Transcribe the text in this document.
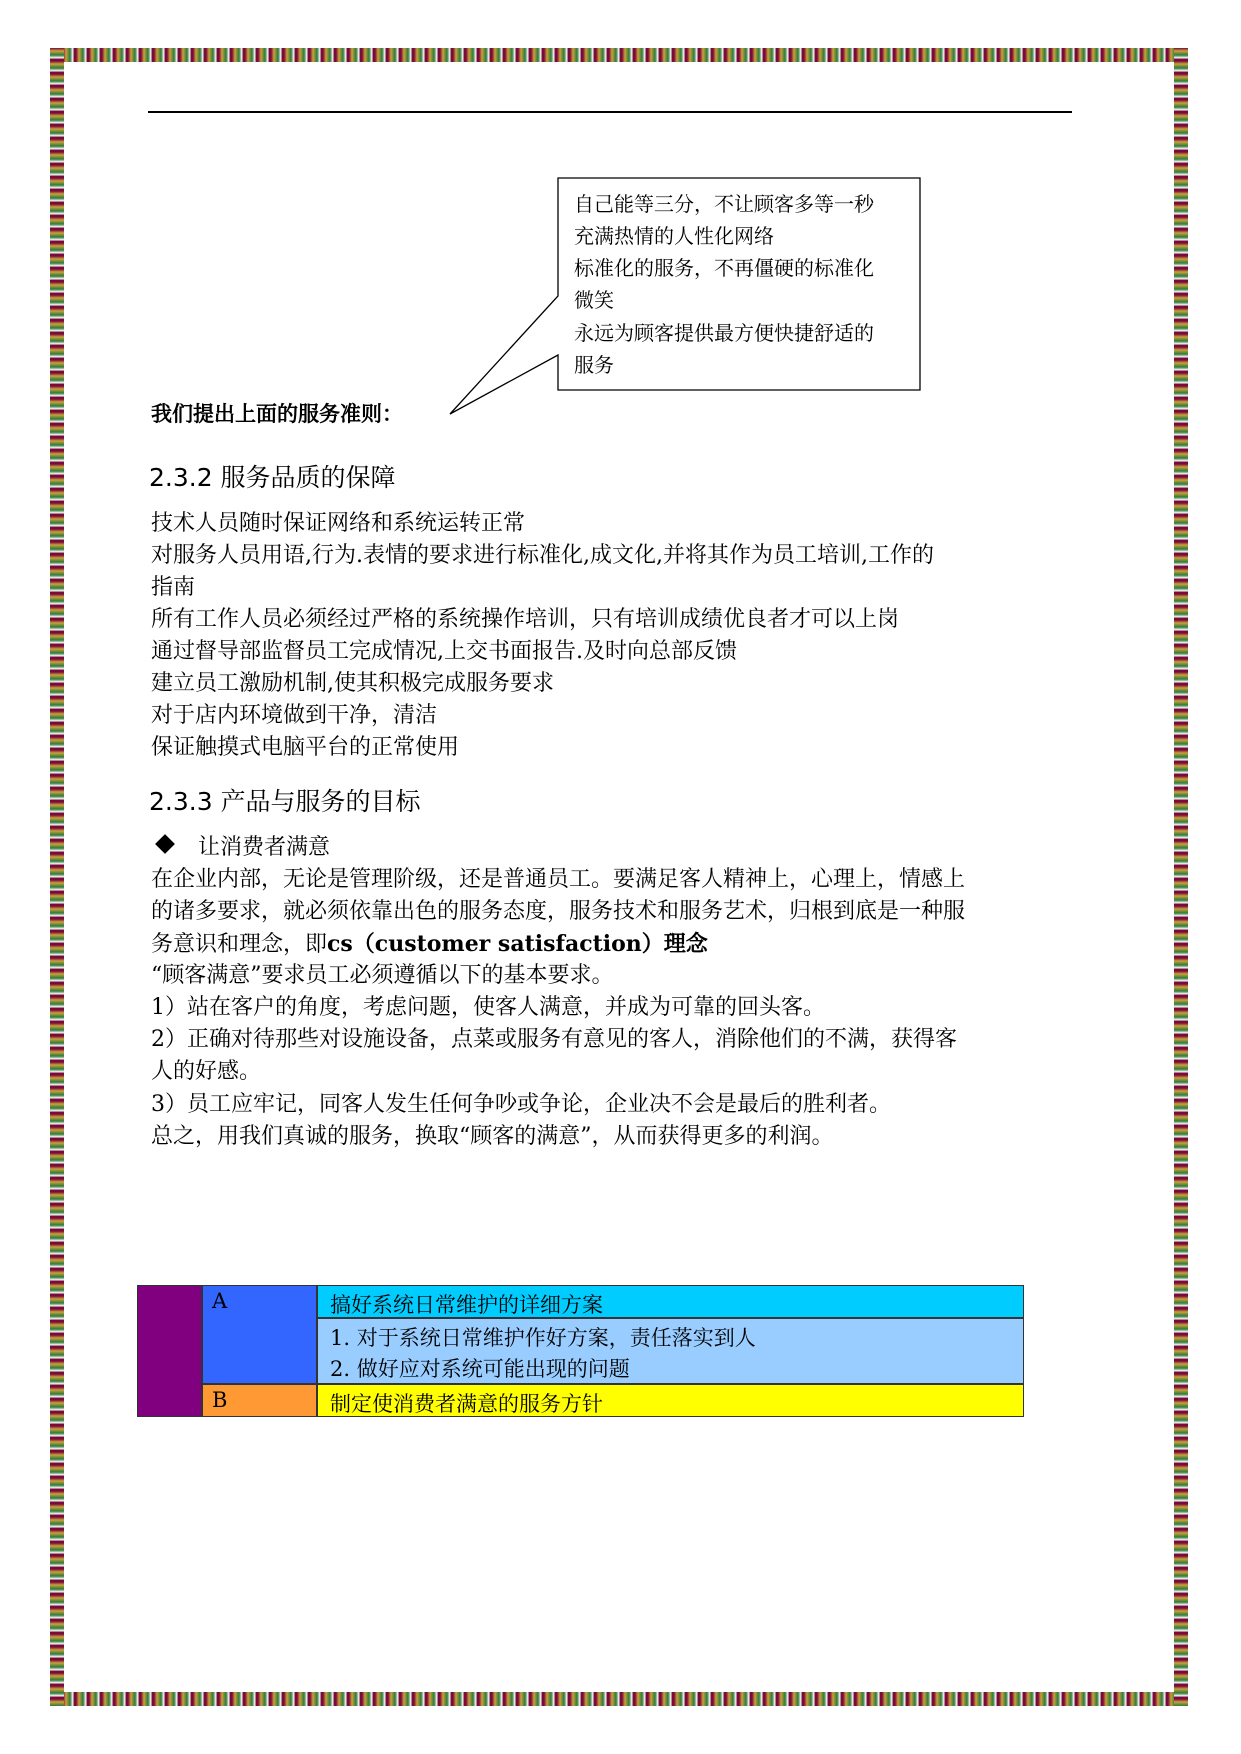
自己能等三分，不让顾客多等一秒
充满热情的人性化网络
标准化的服务，不再僵硬的标准化
微笑
永远为顾客提供最方便快捷舒适的
服务
我们提出上面的服务准则：
2.3.2 服务品质的保障
技术人员随时保证网络和系统运转正常
对服务人员用语,行为.表情的要求进行标准化,成文化,并将其作为员工培训,工作的
指南
所有工作人员必须经过严格的系统操作培训，只有培训成绩优良者才可以上岗
通过督导部监督员工完成情况,上交书面报告.及时向总部反馈
建立员工激励机制,使其积极完成服务要求
对于店内环境做到干净，清洁
保证触摸式电脑平台的正常使用
2.3.3 产品与服务的目标
让消费者满意
在企业内部，无论是管理阶级，还是普通员工。要满足客人精神上，心理上，情感上
的诸多要求，就必须依靠出色的服务态度，服务技术和服务艺术，归根到底是一种服
务意识和理念，即cs（customer satisfaction）理念
“顾客满意”要求员工必须遵循以下的基本要求。
1）站在客户的角度，考虑问题，使客人满意，并成为可靠的回头客。
2）正确对待那些对设施设备，点菜或服务有意见的客人，消除他们的不满，获得客
人的好感。
3）员工应牢记，同客人发生任何争吵或争论，企业决不会是最后的胜利者。
总之，用我们真诚的服务，换取“顾客的满意”，从而获得更多的利润。
A	搞好系统日常维护的详细方案
1. 对于系统日常维护作好方案，责任落实到人
2. 做好应对系统可能出现的问题
B	制定使消费者满意的服务方针
